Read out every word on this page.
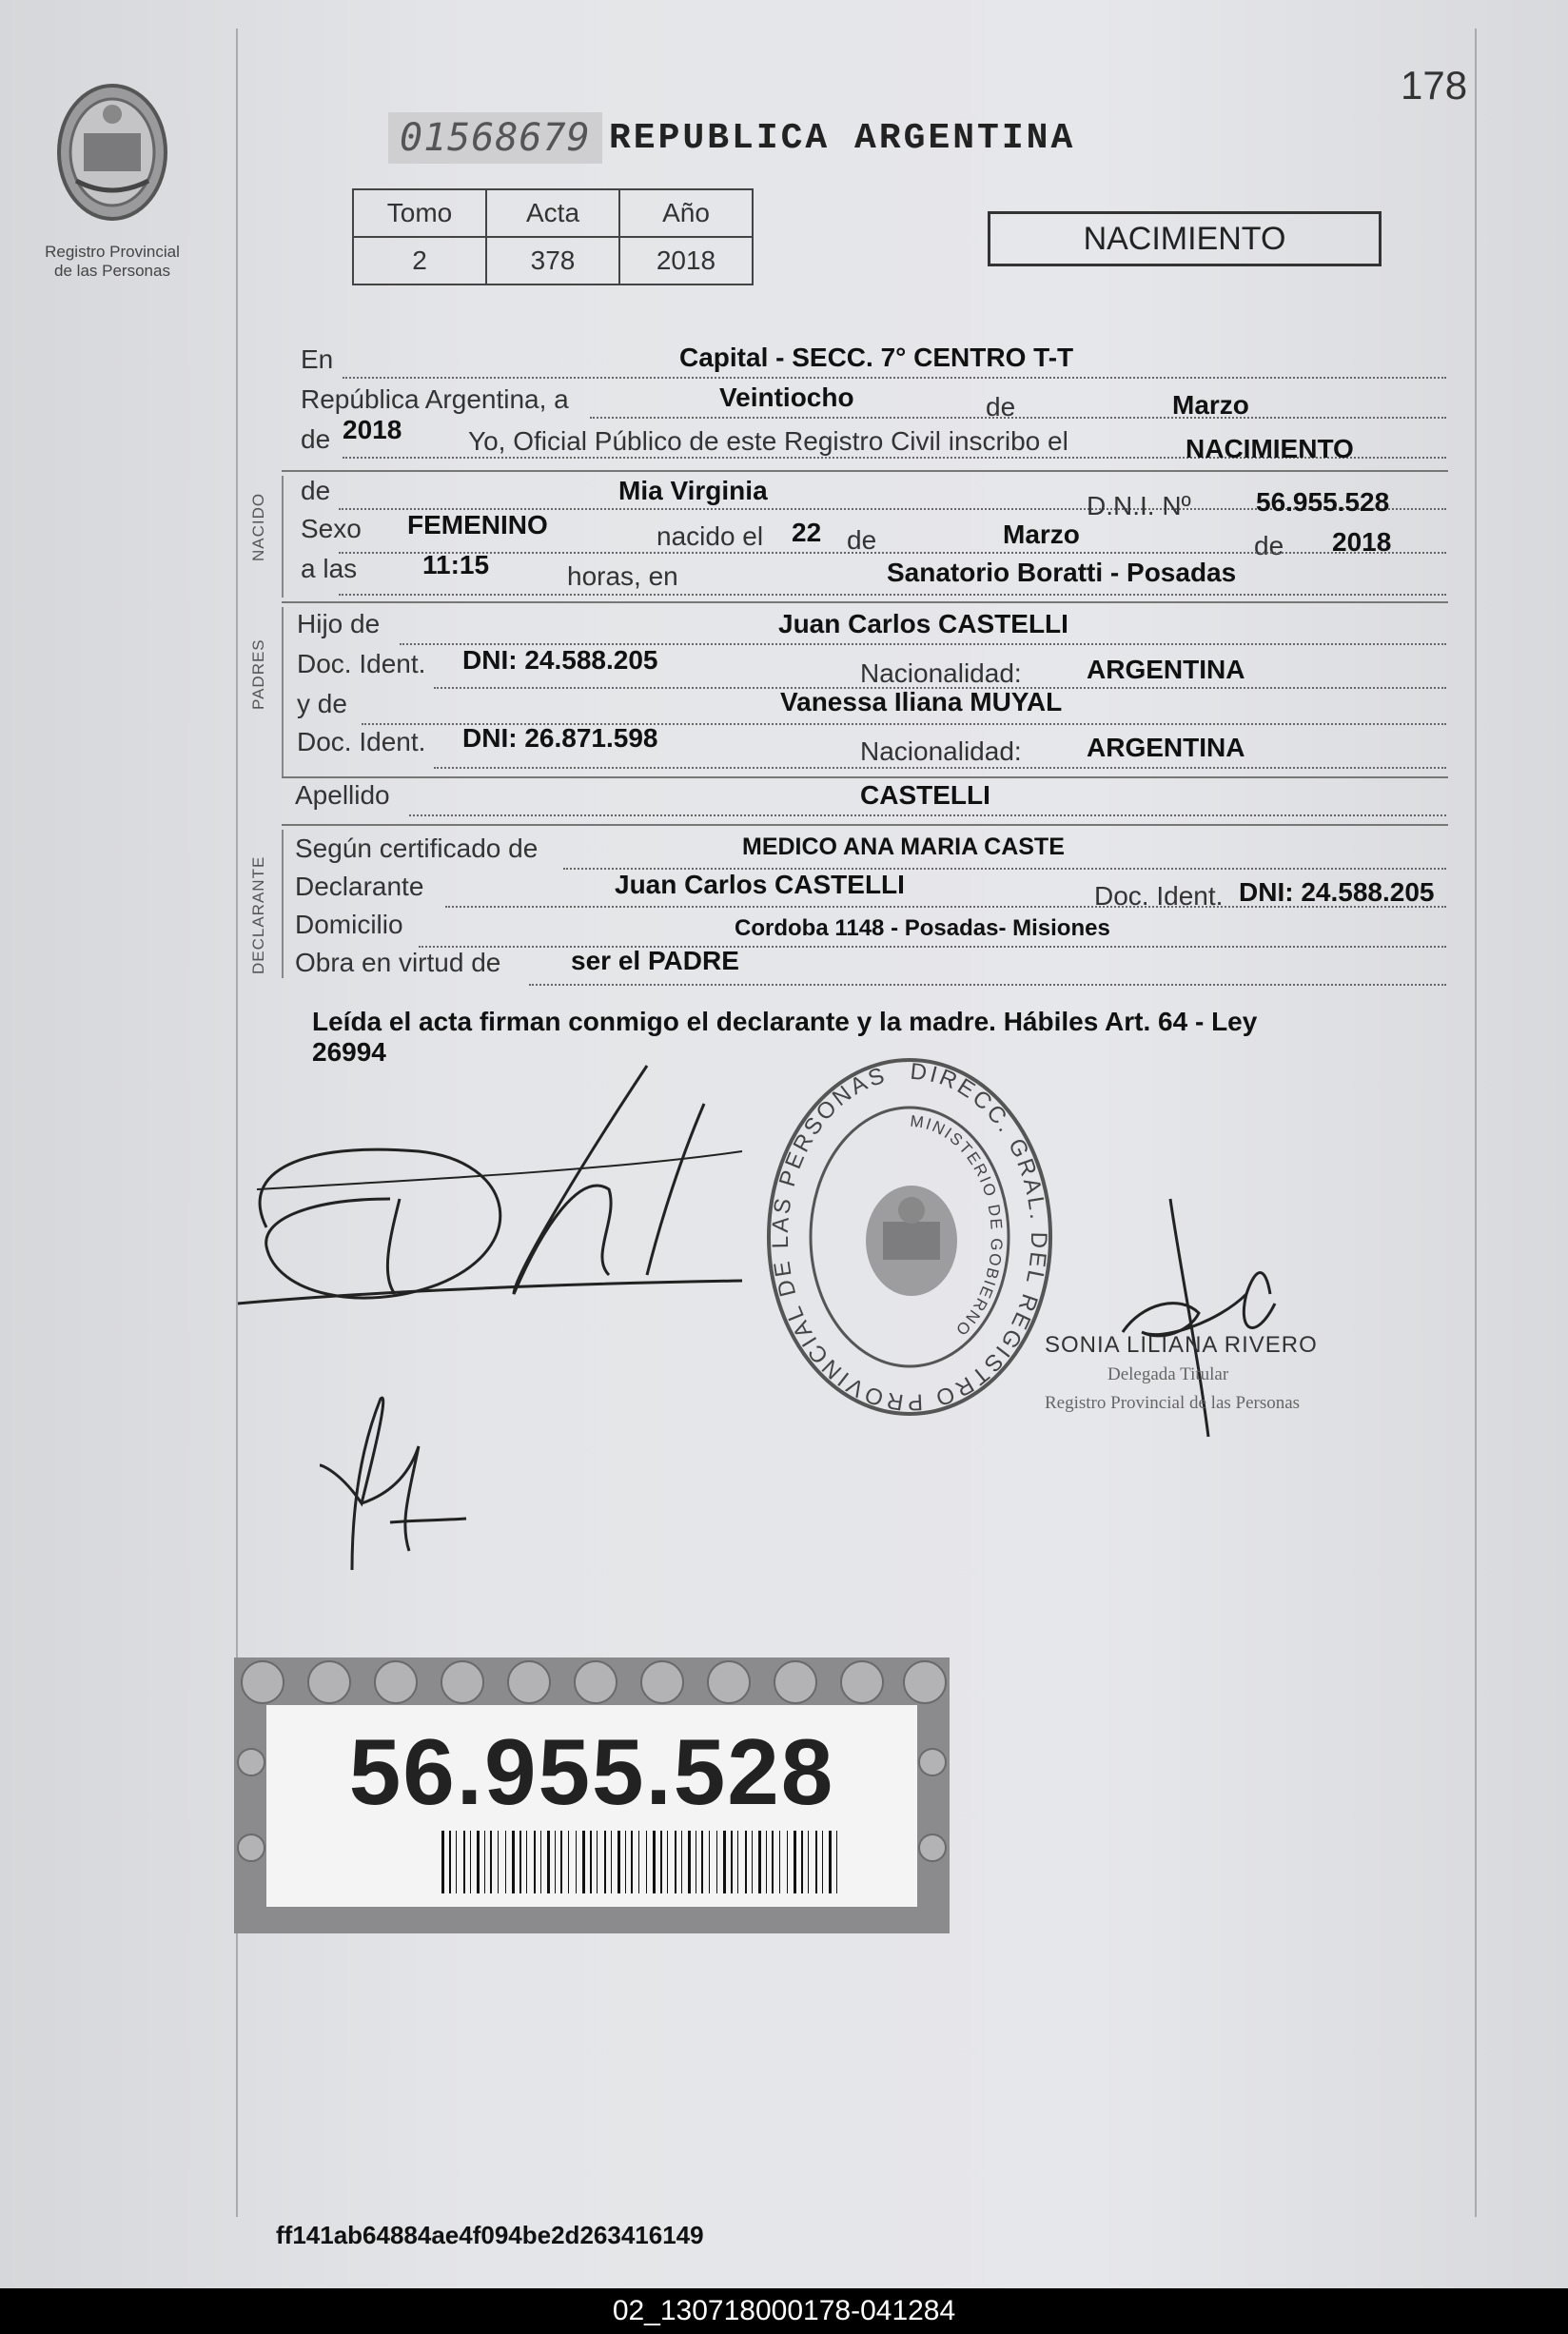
Registro Provincial
de las Personas
01568679 REPUBLICA ARGENTINA
178
Tomo	Acta	Año
2	378	2018
NACIMIENTO
En	Capital - SECC. 7° CENTRO T-T
República Argentina, a	Veintiocho	de	Marzo
de 2018 Yo, Oficial Público de este Registro Civil inscribo el	NACIMIENTO
NACIDO
de	Mia Virginia
D.N.I. Nº 56.955.528
Sexo FEMENINO	nacido el 22 de	Marzo	de 2018
a las 11:15	horas, en	Sanatorio Boratti - Posadas
PADRES
Hijo de	Juan Carlos CASTELLI
Doc. Ident. DNI: 24.588.205	Nacionalidad: ARGENTINA
y de	Vanessa Iliana MUYAL
Doc. Ident. DNI: 26.871.598	Nacionalidad: ARGENTINA
Apellido	CASTELLI
DECLARANTE
Según certificado de	MEDICO ANA MARIA CASTE
Declarante	Juan Carlos CASTELLI	Doc. Ident. DNI: 24.588.205
Domicilio	Cordoba 1148 - Posadas- Misiones
Obra en virtud de	ser el PADRE
Leída el acta firman conmigo el declarante y la madre. Hábiles Art. 64 - Ley
26994
DIRECC. GRAL. DEL REGISTRO PROVINCIAL DE LAS PERSONAS
MINISTERIO DE GOBIERNO
SONIA LILIANA RIVERO
Delegada Titular
Registro Provincial de las Personas
56.955.528
ff141ab64884ae4f094be2d263416149
02_130718000178-041284
